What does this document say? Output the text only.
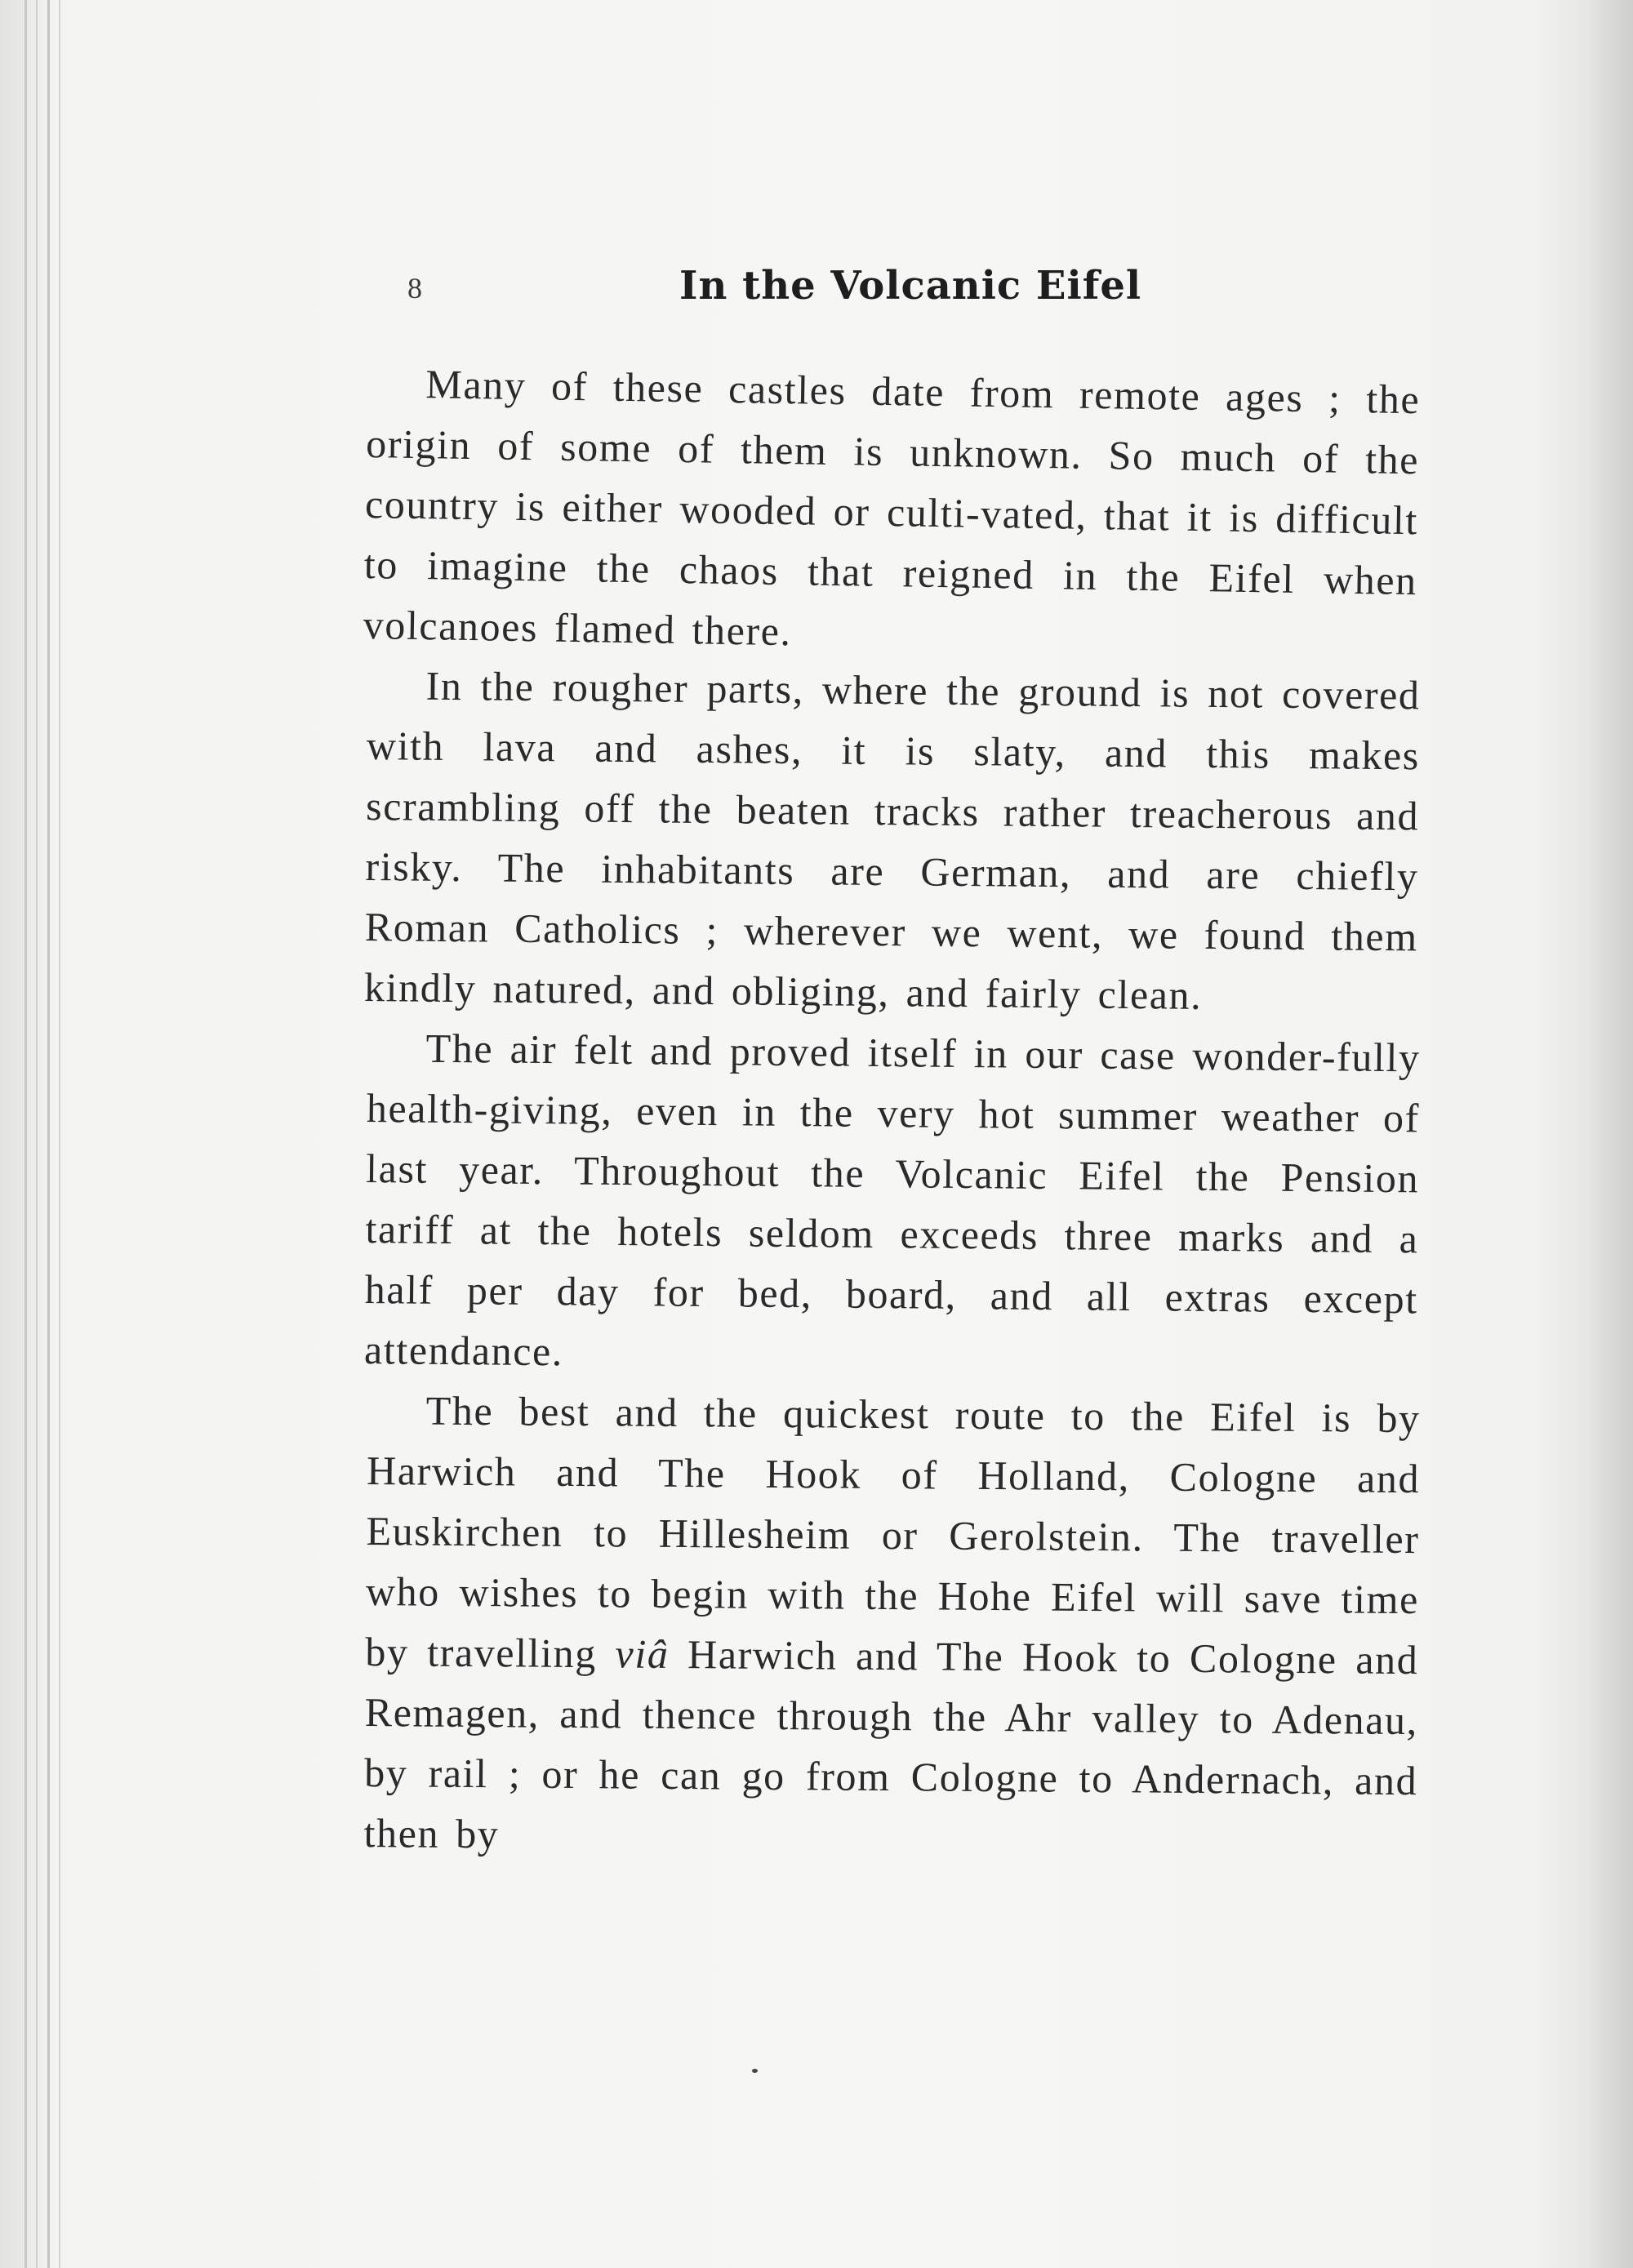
8	In the Volcanic Eifel

Many of these castles date from remote ages ; the origin of some of them is unknown. So much of the country is either wooded or culti-vated, that it is difficult to imagine the chaos that reigned in the Eifel when volcanoes flamed there.

In the rougher parts, where the ground is not covered with lava and ashes, it is slaty, and this makes scrambling off the beaten tracks rather treacherous and risky. The inhabitants are German, and are chiefly Roman Catholics ; wherever we went, we found them kindly natured, and obliging, and fairly clean.

The air felt and proved itself in our case wonder-fully health-giving, even in the very hot summer weather of last year. Throughout the Volcanic Eifel the Pension tariff at the hotels seldom exceeds three marks and a half per day for bed, board, and all extras except attendance.

The best and the quickest route to the Eifel is by Harwich and The Hook of Holland, Cologne and Euskirchen to Hillesheim or Gerolstein. The traveller who wishes to begin with the Hohe Eifel will save time by travelling viâ Harwich and The Hook to Cologne and Remagen, and thence through the Ahr valley to Adenau, by rail ; or he can go from Cologne to Andernach, and then by
